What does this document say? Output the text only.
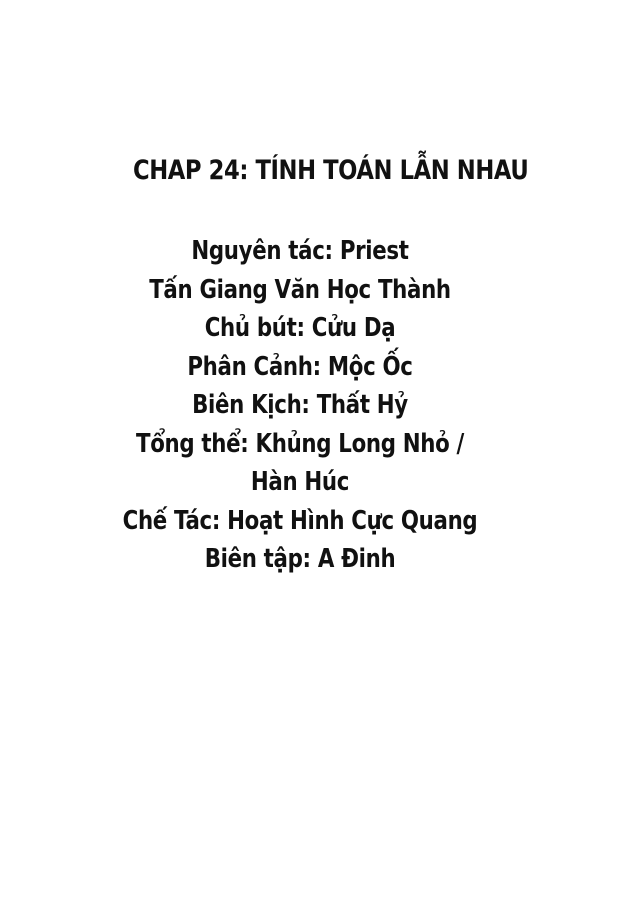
CHAP 24: TÍNH TOÁN LẪN NHAU
Nguyên tác: Priest
Tấn Giang Văn Học Thành
Chủ bút: Cửu Dạ
Phân Cảnh: Mộc Ốc
Biên Kịch: Thất Hỷ
Tổng thể: Khủng Long Nhỏ /
Hàn Húc
Chế Tác: Hoạt Hình Cực Quang
Biên tập: A Đinh
